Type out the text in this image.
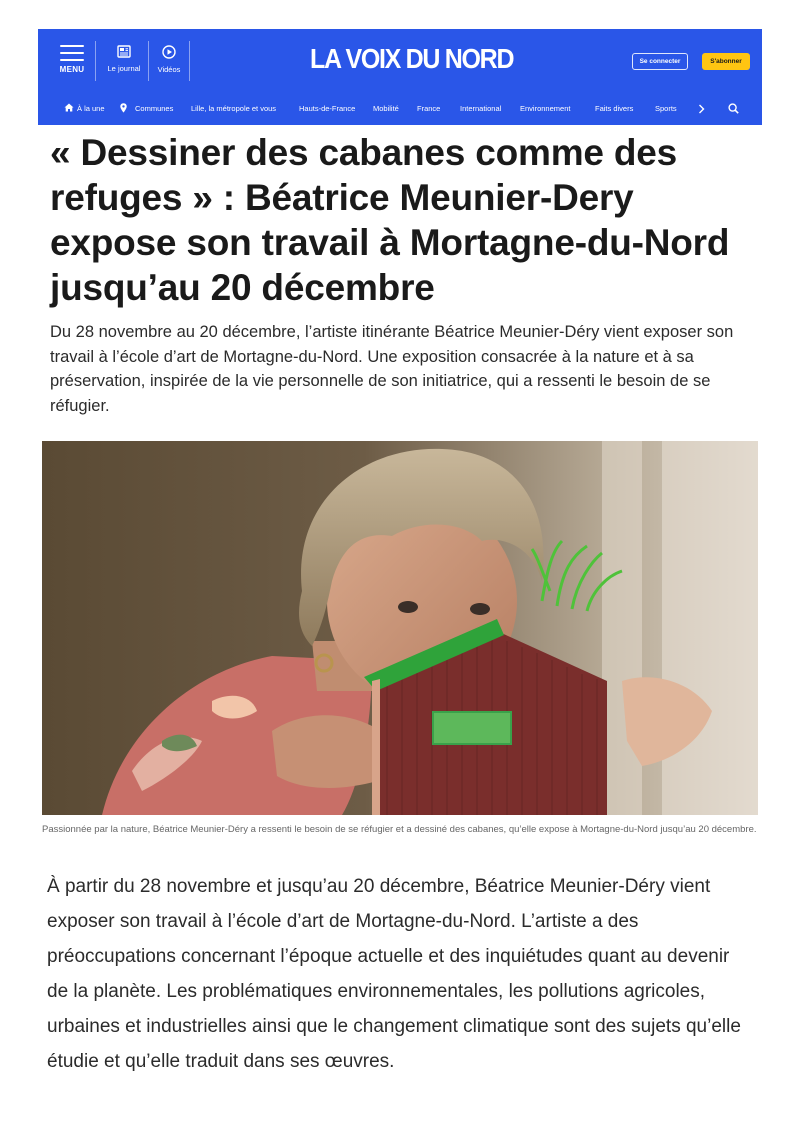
MENU	Le journal	Vidéos	LA VOIX DU NORD	Se connecter	S'abonner
À la une	Communes Lille, la métropole et vous	Hauts-de-France Mobilité France	International Environnement	Faits divers	Sports
« Dessiner des cabanes comme des refuges » : Béatrice Meunier-Dery expose son travail à Mortagne-du-Nord jusqu’au 20 décembre

Du 28 novembre au 20 décembre, l’artiste itinérante Béatrice Meunier-Déry vient exposer son travail à l’école d’art de Mortagne-du-Nord. Une exposition consacrée à la nature et à sa préservation, inspirée de la vie personnelle de son initiatrice, qui a ressenti le besoin de se réfugier.

Passionnée par la nature, Béatrice Meunier-Déry a ressenti le besoin de se réfugier et a dessiné des cabanes, qu’elle expose à Mortagne-du-Nord jusqu’au 20 décembre.

À partir du 28 novembre et jusqu’au 20 décembre, Béatrice Meunier-Déry vient exposer son travail à l’école d’art de Mortagne-du-Nord. L’artiste a des préoccupations concernant l’époque actuelle et des inquiétudes quant au devenir de la planète. Les problématiques environnementales, les pollutions agricoles, urbaines et industrielles ainsi que le changement climatique sont des sujets qu’elle étudie et qu’elle traduit dans ses œuvres.
